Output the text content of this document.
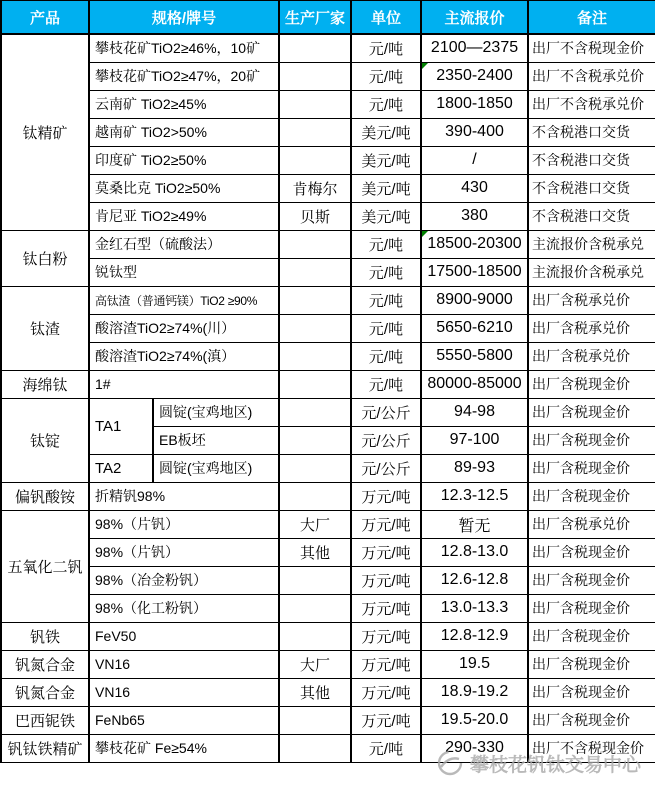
产品	规格/牌号		生产厂家	单位	主流报价	备注
钛精矿	攀枝花矿TiO2≥46%，10矿			元/吨	2100—2375	出厂不含税现金价
	攀枝花矿TiO2≥47%，20矿			元/吨	2350-2400	出厂不含税承兑价
	云南矿 TiO2≥45%			元/吨	1800-1850	出厂不含税承兑价
	越南矿 TiO2>50%			美元/吨	390-400	不含税港口交货
	印度矿 TiO2≥50%			美元/吨	/	不含税港口交货
	莫桑比克 TiO2≥50%		肯梅尔	美元/吨	430	不含税港口交货
	肯尼亚 TiO2≥49%		贝斯	美元/吨	380	不含税港口交货
钛白粉	金红石型（硫酸法）			元/吨	18500-20300	主流报价含税承兑
	锐钛型			元/吨	17500-18500	主流报价含税承兑
钛渣	高钛渣（普通钙镁）TiO2 ≥90%			元/吨	8900-9000	出厂含税承兑价
	酸溶渣TiO2≥74%(川）			元/吨	5650-6210	出厂含税承兑价
	酸溶渣TiO2≥74%(滇）			元/吨	5550-5800	出厂含税承兑价
海绵钛	1#			元/吨	80000-85000	出厂含税现金价
钛锭	TA1	圆锭(宝鸡地区)		元/公斤	94-98	出厂含税现金价
		EB板坯		元/公斤	97-100	出厂含税现金价
	TA2	圆锭(宝鸡地区)		元/公斤	89-93	出厂含税现金价
偏钒酸铵	折精钒98%			万元/吨	12.3-12.5	出厂含税现金价
五氧化二钒	98%（片钒）		大厂	万元/吨	暂无	出厂含税承兑价
	98%（片钒）		其他	万元/吨	12.8-13.0	出厂含税现金价
	98%（冶金粉钒）			万元/吨	12.6-12.8	出厂含税现金价
	98%（化工粉钒）			万元/吨	13.0-13.3	出厂含税现金价
钒铁	FeV50			万元/吨	12.8-12.9	出厂含税现金价
钒氮合金	VN16		大厂	万元/吨	19.5	出厂含税现金价
钒氮合金	VN16		其他	万元/吨	18.9-19.2	出厂含税现金价
巴西铌铁	FeNb65			万元/吨	19.5-20.0	出厂含税现金价
钒钛铁精矿	攀枝花矿 Fe≥54%			元/吨	290-330	出厂不含税现金价
攀枝花钒钛交易中心
